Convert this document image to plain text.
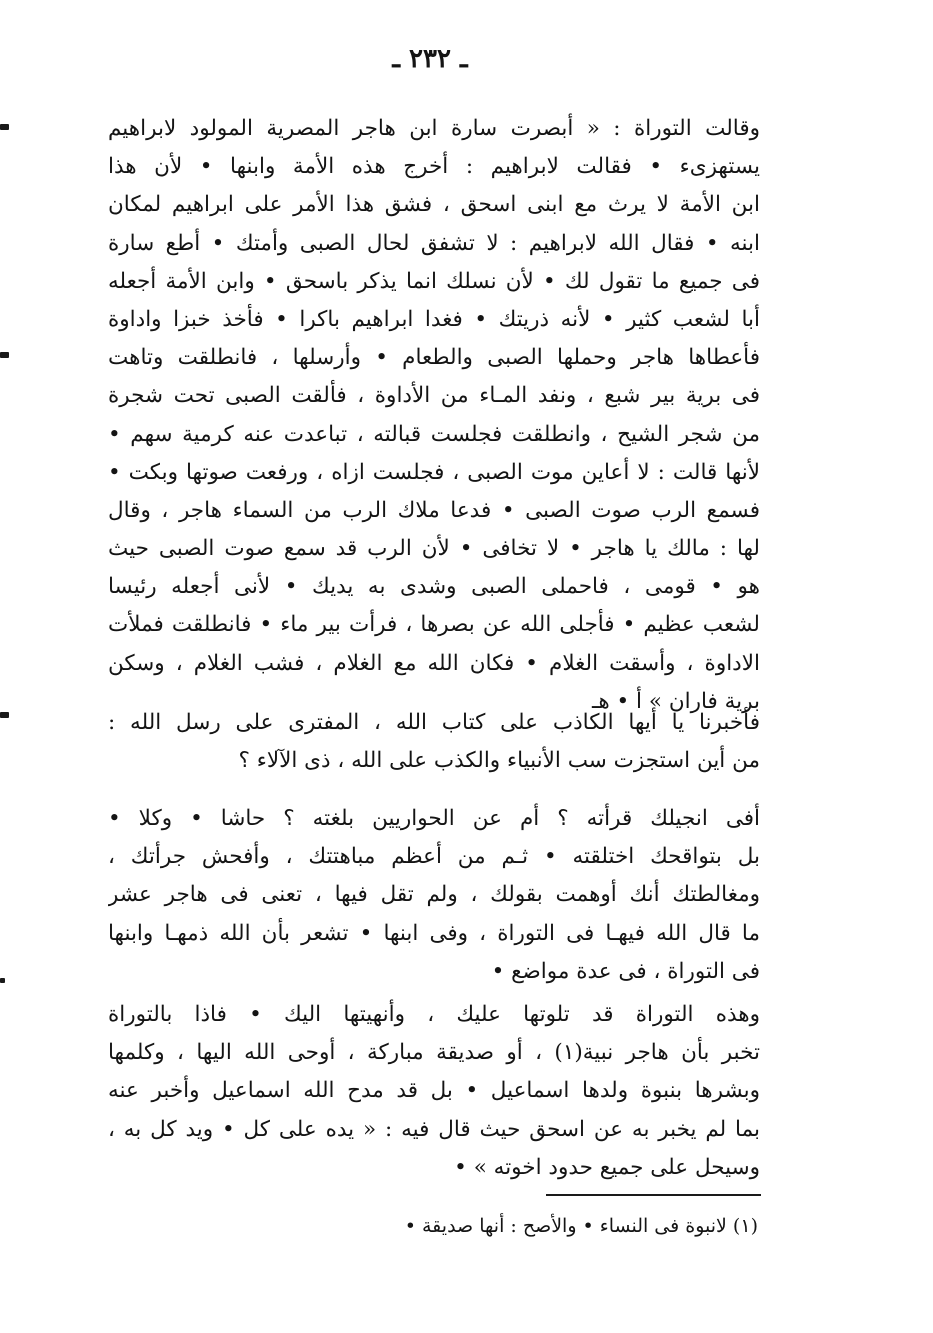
ـ ٢٣٢ ـ
وقالت التوراة : « أبصرت سارة ابن هاجر المصرية المولود لابراهيم
يستهزىء • فقالت لابراهيم : أخرج هذه الأمة وابنها • لأن هذا
ابن الأمة لا يرث مع ابنى اسحق ، فشق هذا الأمر على ابراهيم لمكان
ابنه • فقال الله لابراهيم : لا تشفق لحال الصبى وأمتك • أطع سارة
فى جميع ما تقول لك • لأن نسلك انما يذكر باسحق • وابن الأمة أجعله
أبا لشعب كثير • لأنه ذريتك • فغدا ابراهيم باكرا • فأخذ خبزا واداوة
فأعطاها هاجر وحملها الصبى والطعام • وأرسلها ، فانطلقت وتاهت
فى برية بير شبع ، ونفد المـاء من الأداوة ، فألقت الصبى تحت شجرة
من شجر الشيح ، وانطلقت فجلست قبالته ، تباعدت عنه كرمية سهم •
لأنها قالت : لا أعاين موت الصبى ، فجلست ازاه ، ورفعت صوتها وبكت •
فسمع الرب صوت الصبى • فدعا ملاك الرب من السماء هاجر ، وقال
لها : مالك يا هاجر • لا تخافى • لأن الرب قد سمع صوت الصبى حيث
هو • قومى ، فاحملى الصبى وشدى به يديك • لأنى أجعله رئيسا
لشعب عظيم • فأجلى الله عن بصرها ، فرأت بير ماء • فانطلقت فملأت
الاداوة ، وأسقت الغلام • فكان الله مع الغلام ، فشب الغلام ، وسكن
برية فاران » أ • هـ
فأخبرنا يا أيها الكاذب على كتاب الله ، المفترى على رسل الله :
من أين استجزت سب الأنبياء والكذب على الله ، ذى الآلاء ؟
أفى انجيلك قرأته ؟ أم عن الحواريين بلغته ؟ حاشا • وكلا •
بل بتواقحك اختلقته • ثـم من أعظم مباهتتك ، وأفحش جرأتك ،
ومغالطتك أنك أوهمت بقولك ، ولم تقل فيها ، تعنى فى هاجر عشر
ما قال الله فيهـا فى التوراة ، وفى ابنها • تشعر بأن الله ذمهـا وابنها
فى التوراة ، فى عدة مواضع •
وهذه التوراة قد تلوتها عليك ، وأنهيتها اليك • فاذا بالتوراة
تخبر بأن هاجر نبية(١) ، أو صديقة مباركة ، أوحى الله اليها ، وكلمها
وبشرها بنبوة ولدها اسماعيل • بل قد مدح الله اسماعيل وأخبر عنه
بما لم يخبر به عن اسحق حيث قال فيه : « يده على كل • ويد كل به ،
وسيحل على جميع حدود اخوته » •
(١) لانبوة فى النساء • والأصح : أنها صديقة •
